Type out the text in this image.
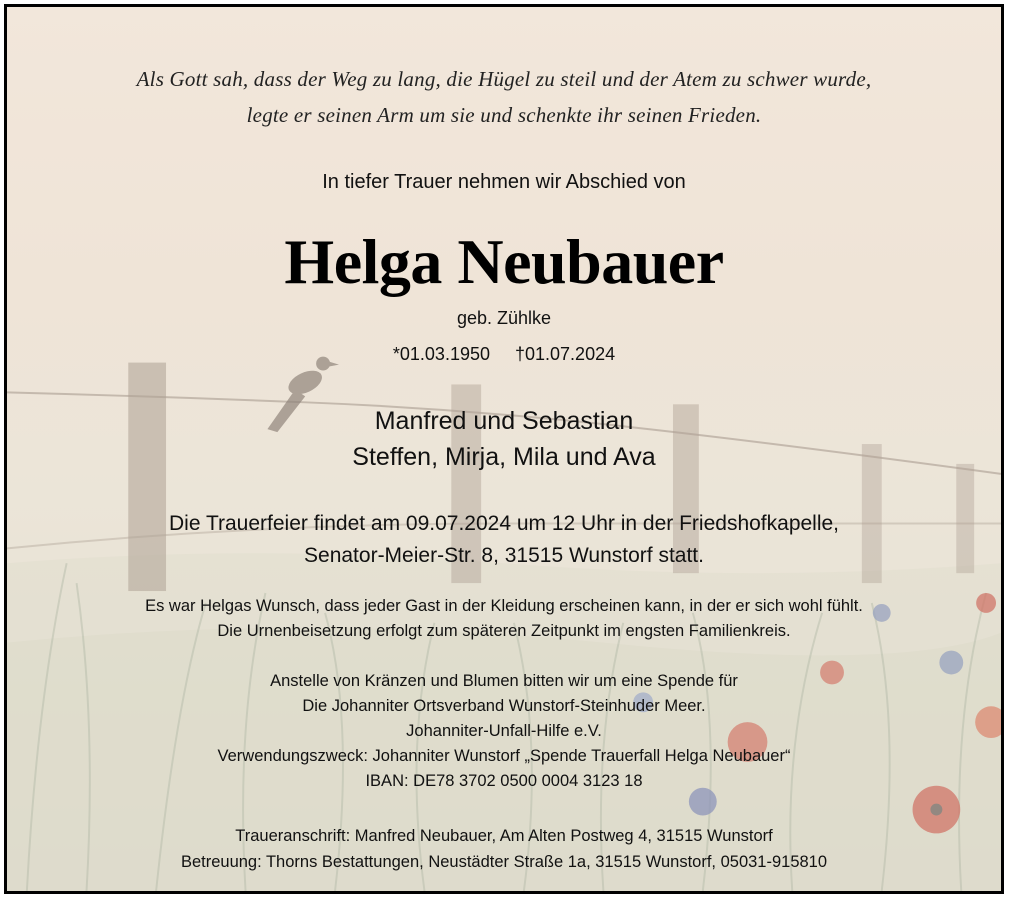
Als Gott sah, dass der Weg zu lang, die Hügel zu steil und der Atem zu schwer wurde,
legte er seinen Arm um sie und schenkte ihr seinen Frieden.
In tiefer Trauer nehmen wir Abschied von
Helga Neubauer
geb. Zühlke
*01.03.1950 †01.07.2024
Manfred und Sebastian
Steffen, Mirja, Mila und Ava
Die Trauerfeier findet am 09.07.2024 um 12 Uhr in der Friedshofkapelle,
Senator-Meier-Str. 8, 31515 Wunstorf statt.
Es war Helgas Wunsch, dass jeder Gast in der Kleidung erscheinen kann, in der er sich wohl fühlt.
Die Urnenbeisetzung erfolgt zum späteren Zeitpunkt im engsten Familienkreis.
Anstelle von Kränzen und Blumen bitten wir um eine Spende für
Die Johanniter Ortsverband Wunstorf-Steinhuder Meer.
Johanniter-Unfall-Hilfe e.V.
Verwendungszweck: Johanniter Wunstorf „Spende Trauerfall Helga Neubauer“
IBAN: DE78 3702 0500 0004 3123 18
Traueranschrift: Manfred Neubauer, Am Alten Postweg 4, 31515 Wunstorf
Betreuung: Thorns Bestattungen, Neustädter Straße 1a, 31515 Wunstorf, 05031-915810
